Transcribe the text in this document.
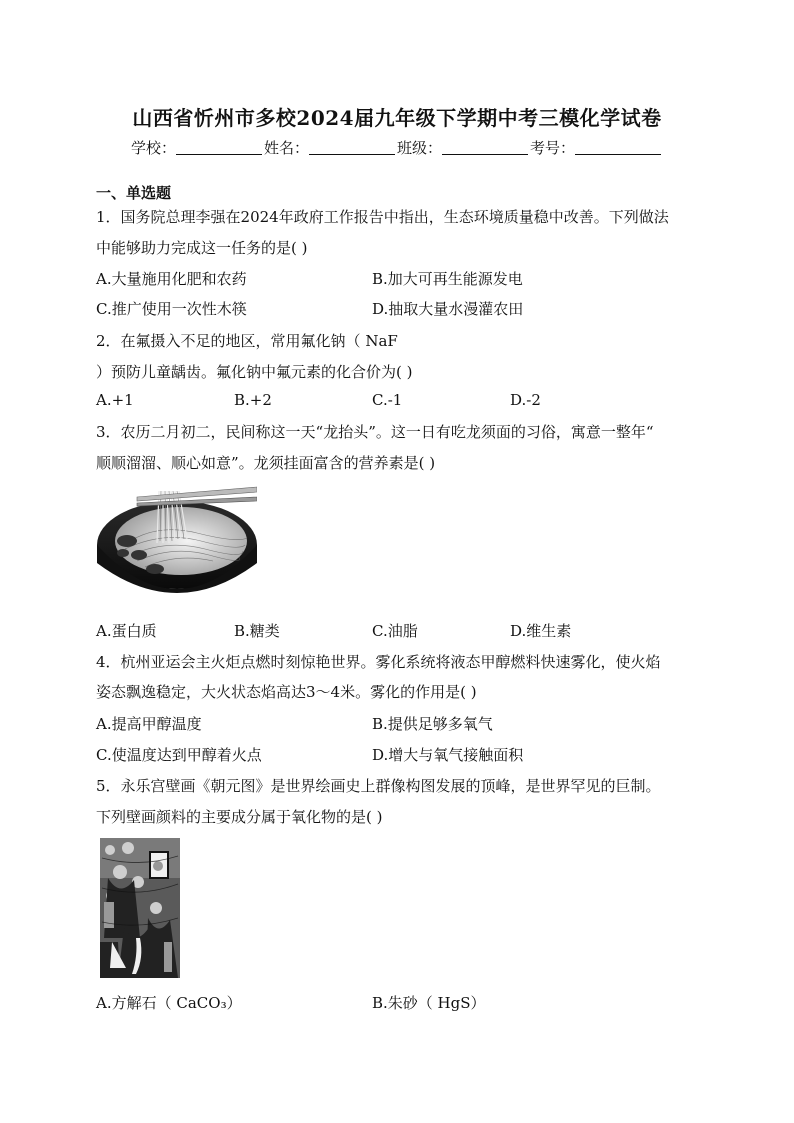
山西省忻州市多校2024届九年级下学期中考三模化学试卷
学校：	姓名：	班级：	考号：
一、单选题
1．国务院总理李强在2024年政府工作报告中指出，生态环境质量稳中改善。下列做法
中能够助力完成这一任务的是( )
A.大量施用化肥和农药	B.加大可再生能源发电
C.推广使用一次性木筷	D.抽取大量水漫灌农田
2．在氟摄入不足的地区，常用氟化钠（ NaF
）预防儿童龋齿。氟化钠中氟元素的化合价为( )
A.+1	B.+2	C.-1	D.-2
3．农历二月初二，民间称这一天“龙抬头”。这一日有吃龙须面的习俗，寓意一整年“
顺顺溜溜、顺心如意”。龙须挂面富含的营养素是( )
A.蛋白质	B.糖类	C.油脂	D.维生素
4．杭州亚运会主火炬点燃时刻惊艳世界。雾化系统将液态甲醇燃料快速雾化，使火焰
姿态飘逸稳定，大火状态焰高达3～4米。雾化的作用是( )
A.提高甲醇温度	B.提供足够多氧气
C.使温度达到甲醇着火点	D.增大与氧气接触面积
5．永乐宫壁画《朝元图》是世界绘画史上群像构图发展的顶峰，是世界罕见的巨制。
下列壁画颜料的主要成分属于氧化物的是( )
A.方解石（ CaCO₃）	B.朱砂（ HgS）
